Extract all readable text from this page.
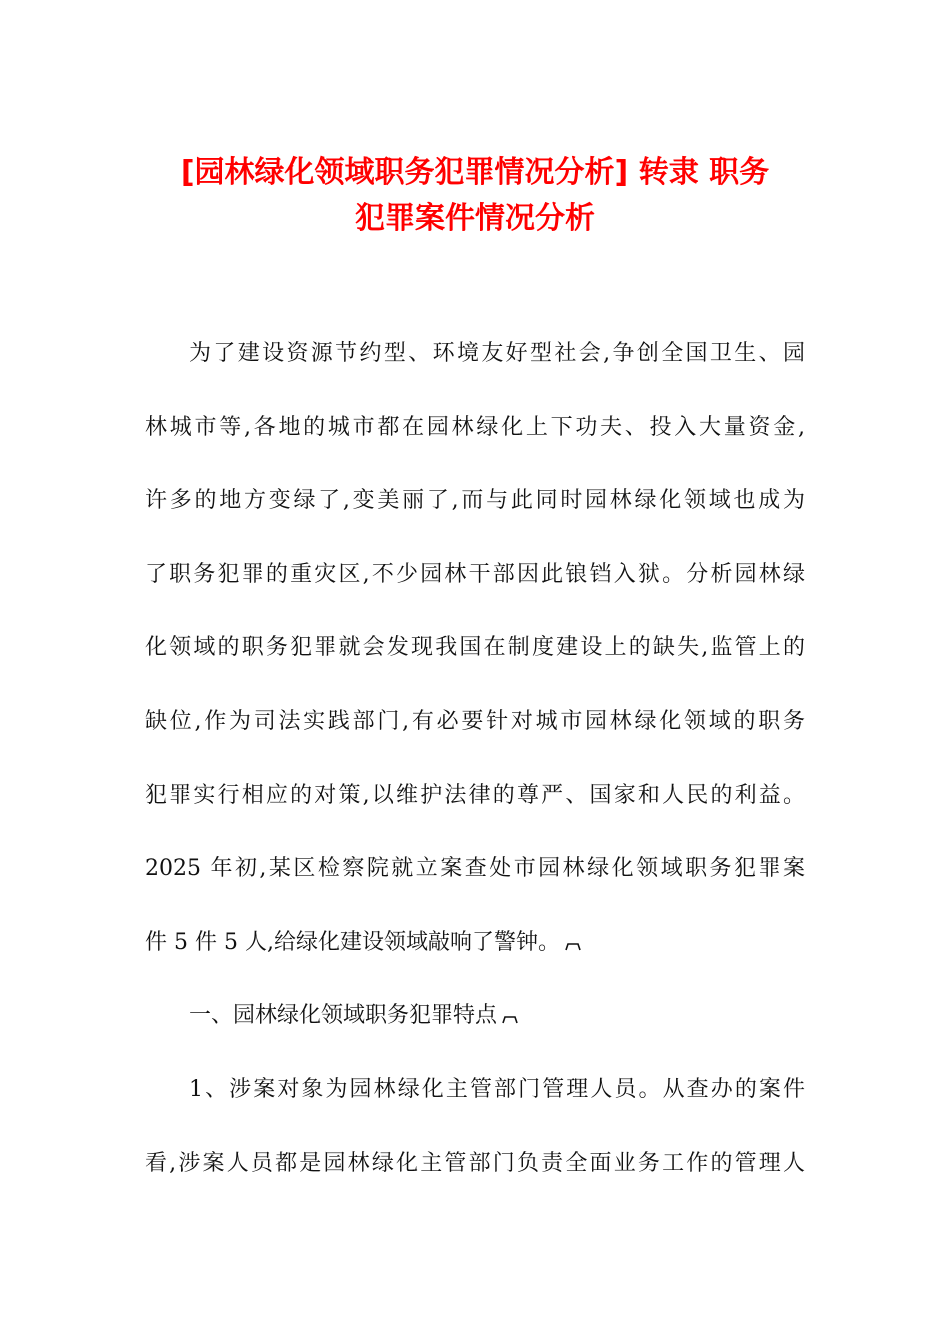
[园林绿化领域职务犯罪情况分析] 转隶 职务
犯罪案件情况分析
为了建设资源节约型、环境友好型社会,争创全国卫生、园
林城市等,各地的城市都在园林绿化上下功夫、投入大量资金,
许多的地方变绿了,变美丽了,而与此同时园林绿化领域也成为
了职务犯罪的重灾区,不少园林干部因此锒铛入狱。分析园林绿
化领域的职务犯罪就会发现我国在制度建设上的缺失,监管上的
缺位,作为司法实践部门,有必要针对城市园林绿化领域的职务
犯罪实行相应的对策,以维护法律的尊严、国家和人民的利益。
2025 年初,某区检察院就立案查处市园林绿化领域职务犯罪案
件 5 件 5 人,给绿化建设领域敲响了警钟。
一、园林绿化领域职务犯罪特点
1、涉案对象为园林绿化主管部门管理人员。从查办的案件
看,涉案人员都是园林绿化主管部门负责全面业务工作的管理人
